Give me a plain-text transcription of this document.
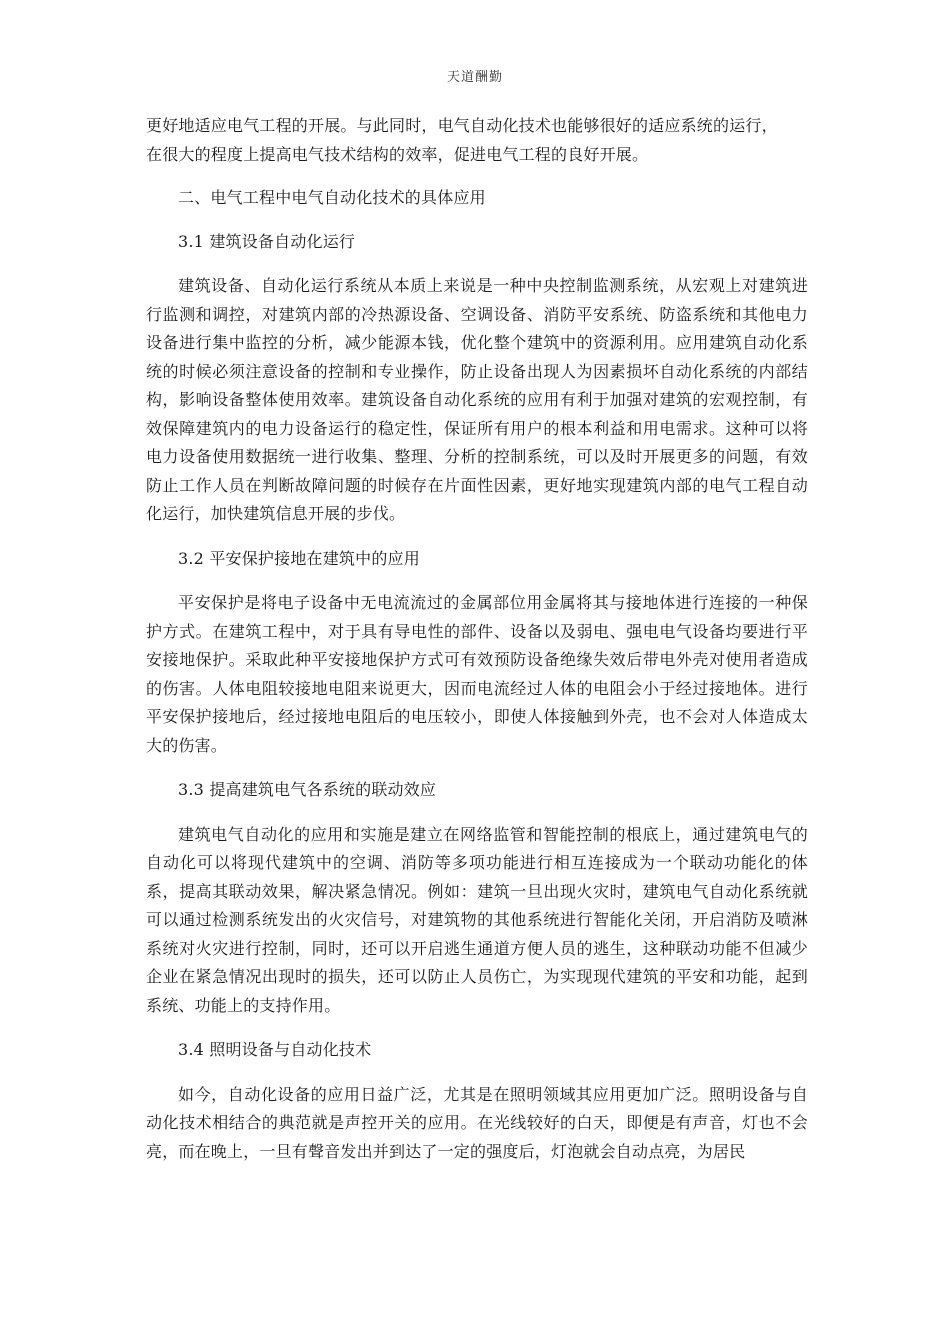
天道酬勤

更好地适应电气工程的开展。与此同时，电气自动化技术也能够很好的适应系统的运行，

在很大的程度上提高电气技术结构的效率，促进电气工程的良好开展。

二、电气工程中电气自动化技术的具体应用

3.1 建筑设备自动化运行

建筑设备、自动化运行系统从本质上来说是一种中央控制监测系统，从宏观上对建筑进行监测和调控，对建筑内部的冷热源设备、空调设备、消防平安系统、防盗系统和其他电力设备进行集中监控的分析，减少能源本钱，优化整个建筑中的资源利用。应用建筑自动化系统的时候必须注意设备的控制和专业操作，防止设备出现人为因素损坏自动化系统的内部结构，影响设备整体使用效率。建筑设备自动化系统的应用有利于加强对建筑的宏观控制，有效保障建筑内的电力设备运行的稳定性，保证所有用户的根本利益和用电需求。这种可以将电力设备使用数据统一进行收集、整理、分析的控制系统，可以及时开展更多的问题，有效防止工作人员在判断故障问题的时候存在片面性因素，更好地实现建筑内部的电气工程自动化运行，加快建筑信息开展的步伐。

3.2 平安保护接地在建筑中的应用

平安保护是将电子设备中无电流流过的金属部位用金属将其与接地体进行连接的一种保护方式。在建筑工程中，对于具有导电性的部件、设备以及弱电、强电电气设备均要进行平安接地保护。采取此种平安接地保护方式可有效预防设备绝缘失效后带电外壳对使用者造成的伤害。人体电阻较接地电阻来说更大，因而电流经过人体的电阻会小于经过接地体。进行平安保护接地后，经过接地电阻后的电压较小，即使人体接触到外壳，也不会对人体造成太大的伤害。

3.3 提高建筑电气各系统的联动效应

建筑电气自动化的应用和实施是建立在网络监管和智能控制的根底上，通过建筑电气的自动化可以将现代建筑中的空调、消防等多项功能进行相互连接成为一个联动功能化的体系，提高其联动效果，解决紧急情况。例如：建筑一旦出现火灾时，建筑电气自动化系统就可以通过检测系统发出的火灾信号，对建筑物的其他系统进行智能化关闭，开启消防及喷淋系统对火灾进行控制，同时，还可以开启逃生通道方便人员的逃生，这种联动功能不但减少企业在紧急情况出现时的损失，还可以防止人员伤亡，为实现现代建筑的平安和功能，起到系统、功能上的支持作用。

3.4 照明设备与自动化技术

如今，自动化设备的应用日益广泛，尤其是在照明领域其应用更加广泛。照明设备与自动化技术相结合的典范就是声控开关的应用。在光线较好的白天，即便是有声音，灯也不会亮，而在晚上，一旦有聲音发出并到达了一定的强度后，灯泡就会自动点亮，为居民
